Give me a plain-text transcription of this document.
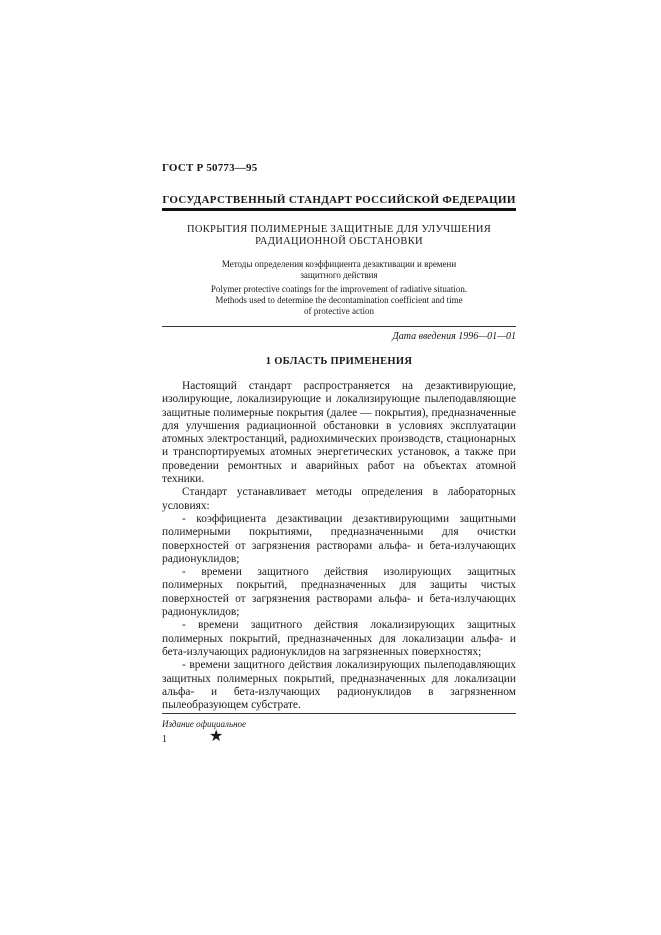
ГОСТ Р 50773—95
ГОСУДАРСТВЕННЫЙ СТАНДАРТ РОССИЙСКОЙ ФЕДЕРАЦИИ
ПОКРЫТИЯ ПОЛИМЕРНЫЕ ЗАЩИТНЫЕ ДЛЯ УЛУЧШЕНИЯ
РАДИАЦИОННОЙ ОБСТАНОВКИ
Методы определения коэффициента дезактивации и времени
защитного действия
Polymer protective coatings for the improvement of radiative situation.
Methods used to determine the decontamination coefficient and time
of protective action
Дата введения 1996—01—01
1 ОБЛАСТЬ ПРИМЕНЕНИЯ

Настоящий стандарт распространяется на дезактивирующие, изолирующие, локализирующие и локализирующие пылеподавляющие защитные полимерные покрытия (далее — покрытия), предназначенные для улучшения радиационной обстановки в условиях эксплуатации атомных электростанций, радиохимических производств, стационарных и транспортируемых атомных энергетических установок, а также при проведении ремонтных и аварийных работ на объектах атомной техники.

Стандарт устанавливает методы определения в лабораторных условиях:

- коэффициента дезактивации дезактивирующими защитными полимерными покрытиями, предназначенными для очистки поверхностей от загрязнения растворами альфа- и бета-излучающих радионуклидов;

- времени защитного действия изолирующих защитных полимерных покрытий, предназначенных для защиты чистых поверхностей от загрязнения растворами альфа- и бета-излучающих радионуклидов;

- времени защитного действия локализирующих защитных полимерных покрытий, предназначенных для локализации альфа- и бета-излучающих радионуклидов на загрязненных поверхностях;

- времени защитного действия локализирующих пылеподавляющих защитных полимерных покрытий, предназначенных для локализации альфа- и бета-излучающих радионуклидов в загрязненном пылеобразующем субстрате.

Издание официальное
1	★
